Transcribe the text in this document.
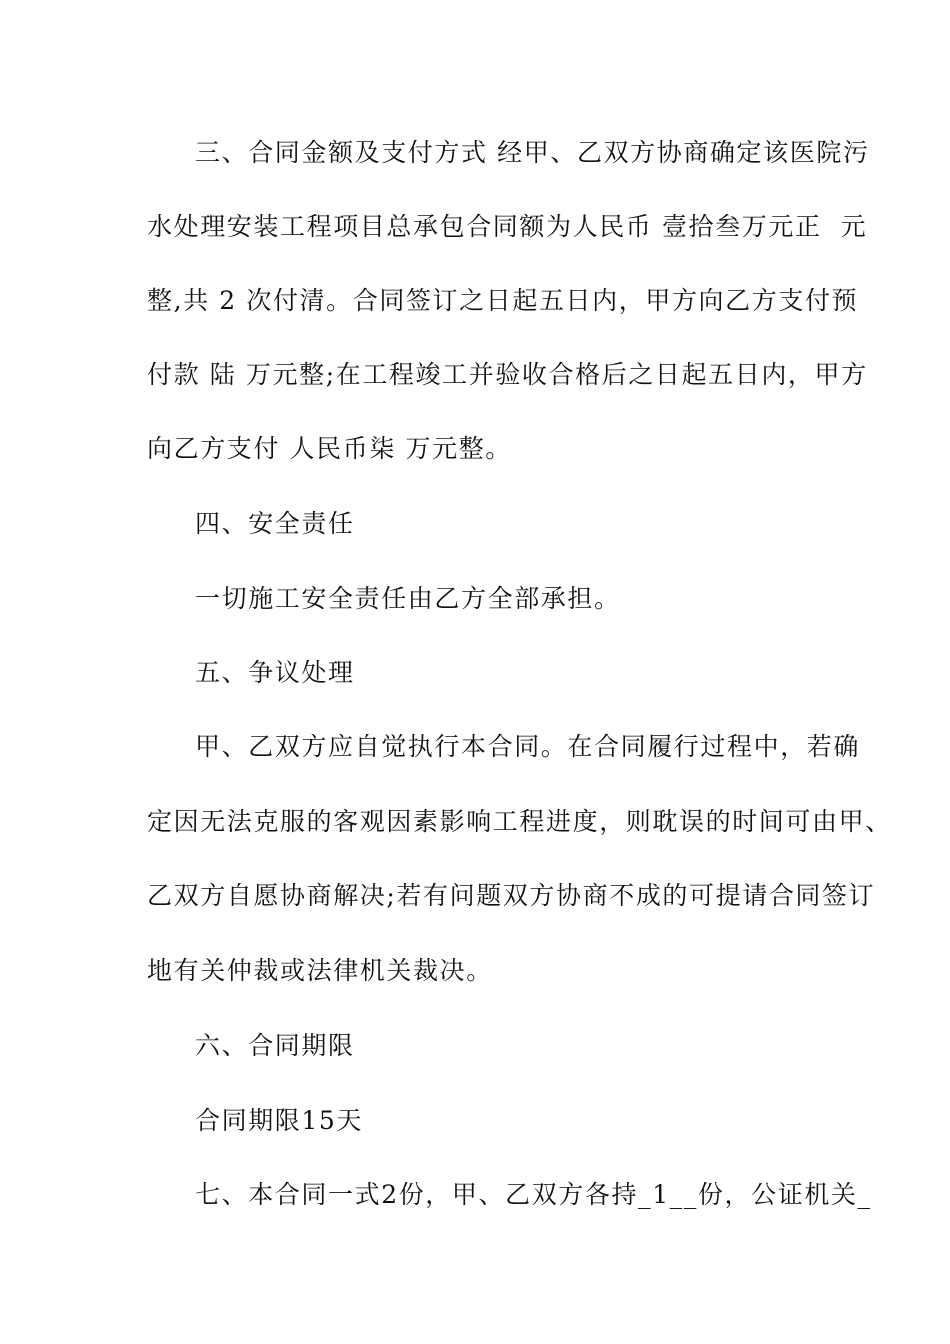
三、合同金额及支付方式 经甲、乙双方协商确定该医院污
水处理安装工程项目总承包合同额为人民币 壹拾叁万元正  元
整,共 2 次付清。合同签订之日起五日内，甲方向乙方支付预
付款 陆 万元整;在工程竣工并验收合格后之日起五日内，甲方
向乙方支付 人民币柒 万元整。
四、安全责任
一切施工安全责任由乙方全部承担。
五、争议处理
甲、乙双方应自觉执行本合同。在合同履行过程中，若确
定因无法克服的客观因素影响工程进度，则耽误的时间可由甲、
乙双方自愿协商解决;若有问题双方协商不成的可提请合同签订
地有关仲裁或法律机关裁决。
六、合同期限
合同期限15天
七、本合同一式2份，甲、乙双方各持_1__份，公证机关_
